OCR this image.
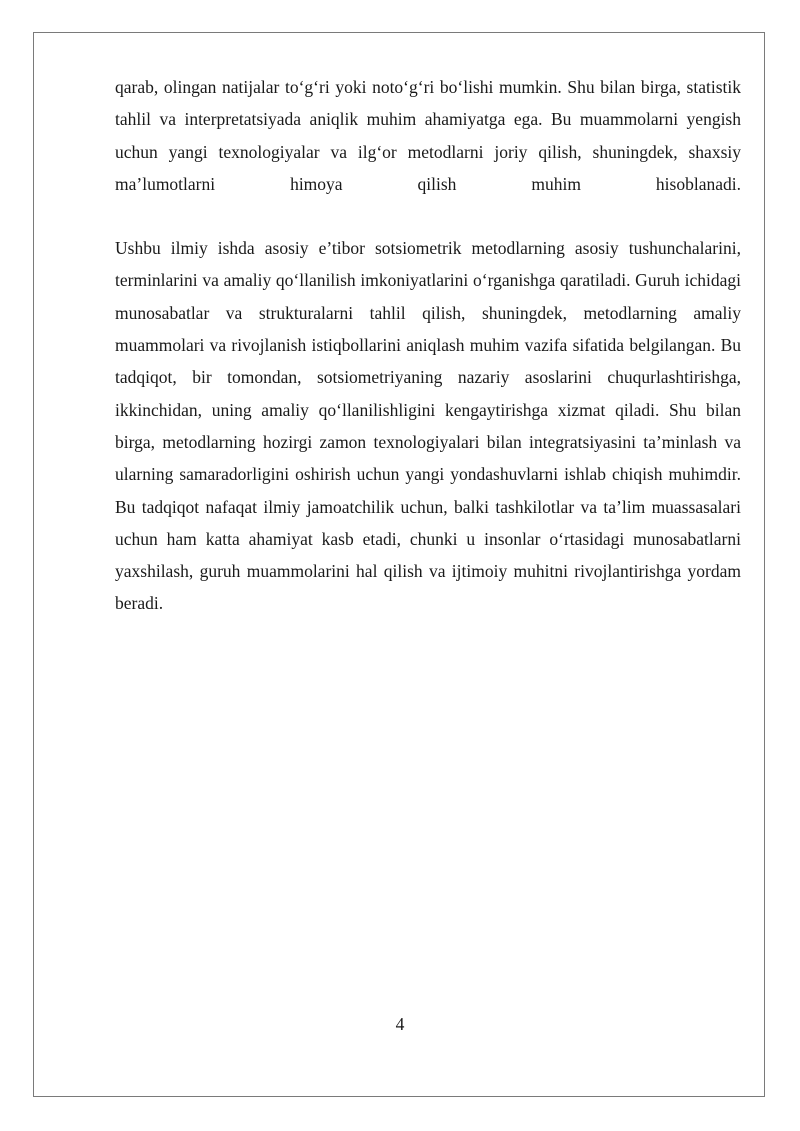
qarab, olingan natijalar to‘g‘ri yoki noto‘g‘ri bo‘lishi mumkin. Shu bilan birga, statistik tahlil va interpretatsiyada aniqlik muhim ahamiyatga ega. Bu muammolarni yengish uchun yangi texnologiyalar va ilg‘or metodlarni joriy qilish, shuningdek, shaxsiy ma’lumotlarni himoya qilish muhim hisoblanadi.

Ushbu ilmiy ishda asosiy e’tibor sotsiometrik metodlarning asosiy tushunchalarini, terminlarini va amaliy qo‘llanilish imkoniyatlarini o‘rganishga qaratiladi. Guruh ichidagi munosabatlar va strukturalarni tahlil qilish, shuningdek, metodlarning amaliy muammolari va rivojlanish istiqbollarini aniqlash muhim vazifa sifatida belgilangan. Bu tadqiqot, bir tomondan, sotsiometriyaning nazariy asoslarini chuqurlashtirishga, ikkinchidan, uning amaliy qo‘llanilishligini kengaytirishga xizmat qiladi. Shu bilan birga, metodlarning hozirgi zamon texnologiyalari bilan integratsiyasini ta’minlash va ularning samaradorligini oshirish uchun yangi yondashuvlarni ishlab chiqish muhimdir. Bu tadqiqot nafaqat ilmiy jamoatchilik uchun, balki tashkilotlar va ta’lim muassasalari uchun ham katta ahamiyat kasb etadi, chunki u insonlar o‘rtasidagi munosabatlarni yaxshilash, guruh muammolarini hal qilish va ijtimoiy muhitni rivojlantirishga yordam beradi.

4
